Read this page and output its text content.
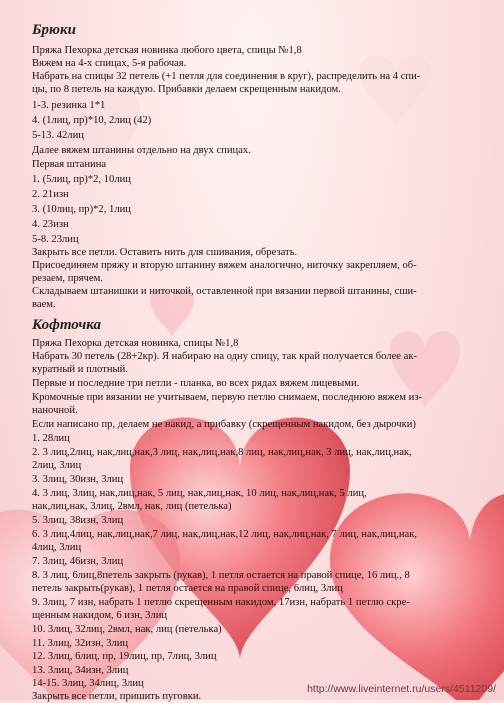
Брюки
Пряжа Пехорка детская новинка любого цвета, спицы №1,8
Вяжем на 4-х спицах, 5-я рабочая.
Набрать на спицы 32 петель (+1 петля для соединения в круг), распределить на 4 спи-
цы, по 8 петель на каждую. Прибавки делаем скрещенным накидом.
1-3. резинка 1*1
4. (1лиц, пр)*10, 2лиц (42)
5-13. 42лиц
Далее вяжем штанины отдельно на двух спицах.
Первая штанина
1. (5лиц, пр)*2, 10лиц
2. 21изн
3. (10лиц, пр)*2, 1лиц
4. 23изн
5-8. 23лиц
Закрыть все петли. Оставить нить для сшивания, обрезать.
Присоединяем пряжу и вторую штанину вяжем аналогично, ниточку закрепляем, об-
резаем, прячем.
Складываем штанишки и ниточкой, оставленной при вязании первой штанины, сши-
ваем.
Кофточка
Пряжа Пехорка детская новинка, спицы №1,8
Набрать 30 петель (28+2кр). Я набираю на одну спицу, так край получается более ак-
куратный и плотный.
Первые и последние три петли - планка, во всех рядах вяжем лицевыми.
Кромочные при вязании не учитываем, первую петлю снимаем, последнюю вяжем из-
наночной.
Если написано пр, делаем не накид, а прибавку (скрещенным накидом, без дырочки)
1. 28лиц
2. 3 лиц,2лиц, нак,лиц,нак,3 лиц, нак,лиц,нак,8 лиц, нак,лиц,нак, 3 лиц, нак,лиц,нак,
2лиц, 3лиц
3. 3лиц, 30изн, 3лиц
4. 3 лиц, 3лиц, нак,лиц,нак, 5 лиц, нак,лиц,нак, 10 лиц, нак,лиц,нак, 5 лиц,
нак,лиц,нак, 3лиц, 2вмл, нак, лиц (петелька)
5. 3лиц, 38изн, 3лиц
6. 3 лиц,4лиц, нак,лиц,нак,7 лиц, нак,лиц,нак,12 лиц, нак,лиц,нак, 7 лиц, нак,лиц,нак,
4лиц, 3лиц
7. 3лиц, 46изн, 3лиц
8. 3 лиц, 6лиц,8петель закрыть (рукав), 1 петля остается на правой спице, 16 лиц., 8
петель закрыть(рукав), 1 петля остается на правой спице, 6лиц, 3лиц
9. 3лиц, 7 изн, набрать 1 петлю скрещенным накидом, 17изн, набрать 1 петлю скре-
щенным накидом, 6 изн, 3лиц
10. 3лиц, 32лиц, 2вмл, нак, лиц (петелька)
11. 3лиц, 32изн, 3лиц
12. 3лиц, 6лиц, пр, 19лиц, пр, 7лиц, 3лиц
13. 3лиц, 34изн, 3лиц
14-15. 3лиц, 34лиц, 3лиц
Закрыть все петли, пришить пуговки.
http://www.liveinternet.ru/users/4511209/
